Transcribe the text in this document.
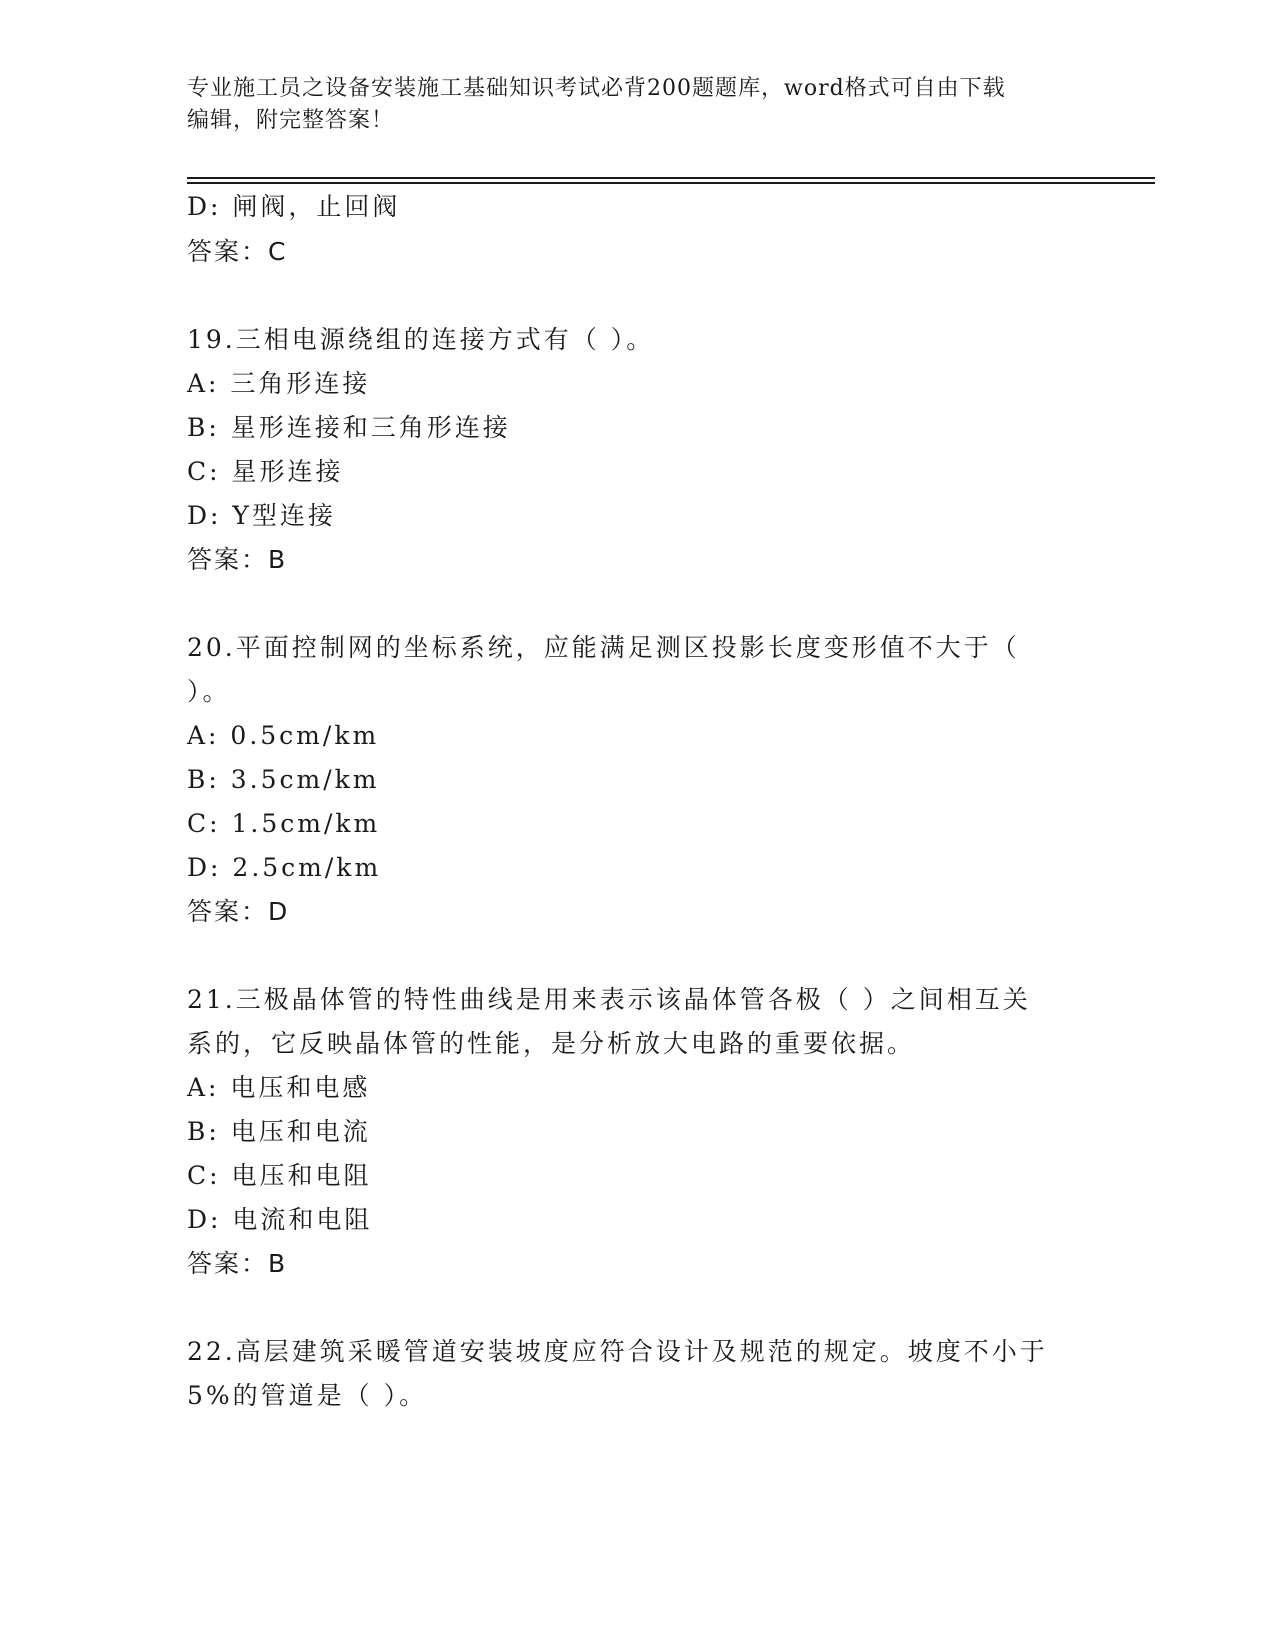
专业施工员之设备安装施工基础知识考试必背200题题库，word格式可自由下载
编辑，附完整答案！
D: 闸阀，止回阀
答案：C
19.三相电源绕组的连接方式有（ ）。
A: 三角形连接
B: 星形连接和三角形连接
C: 星形连接
D: Y型连接
答案：B
20.平面控制网的坐标系统，应能满足测区投影长度变形值不大于（
）。
A: 0.5cm/km
B: 3.5cm/km
C: 1.5cm/km
D: 2.5cm/km
答案：D
21.三极晶体管的特性曲线是用来表示该晶体管各极（ ）之间相互关
系的，它反映晶体管的性能，是分析放大电路的重要依据。
A: 电压和电感
B: 电压和电流
C: 电压和电阻
D: 电流和电阻
答案：B
22.高层建筑采暖管道安装坡度应符合设计及规范的规定。坡度不小于
5%的管道是（ ）。
